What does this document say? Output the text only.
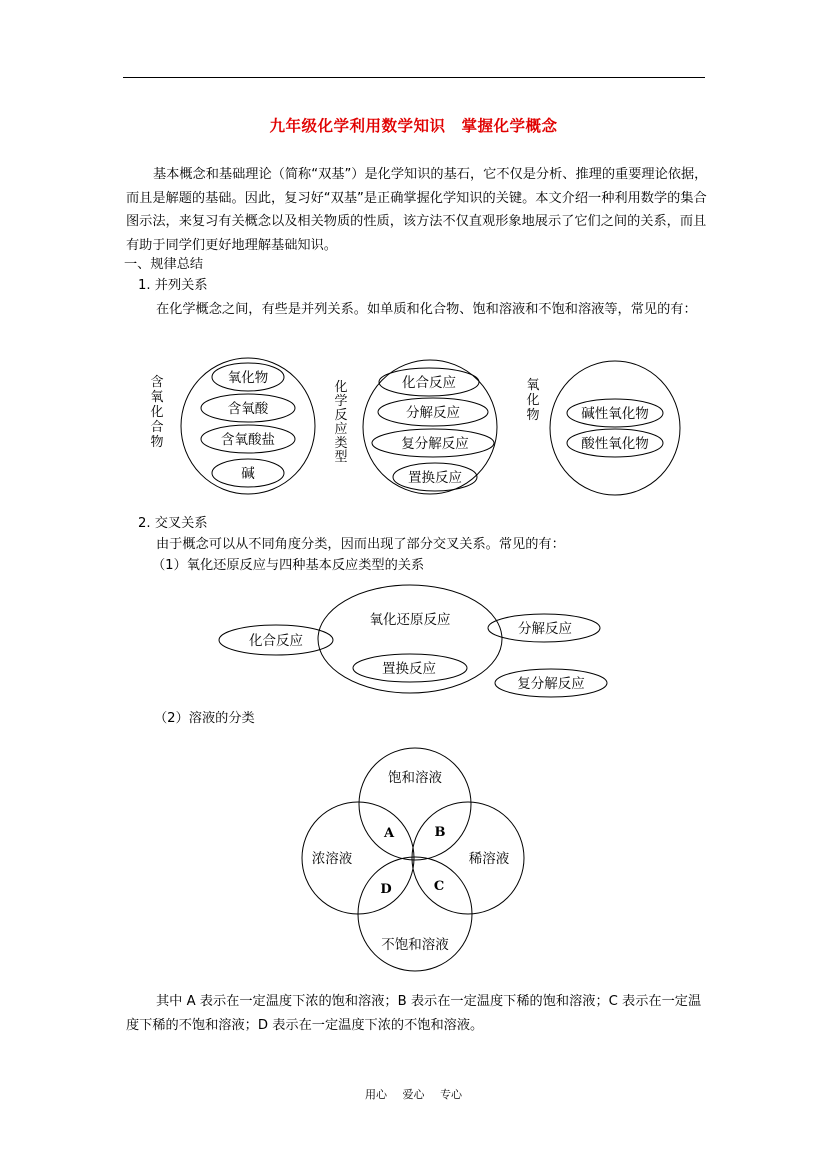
九年级化学利用数学知识　掌握化学概念
基本概念和基础理论（简称“双基”）是化学知识的基石，它不仅是分析、推理的重要理论依据，而且是解题的基础。因此，复习好“双基”是正确掌握化学知识的关键。本文介绍一种利用数学的集合图示法，来复习有关概念以及相关物质的性质，该方法不仅直观形象地展示了它们之间的关系，而且有助于同学们更好地理解基础知识。
一、规律总结
1. 并列关系
在化学概念之间，有些是并列关系。如单质和化合物、饱和溶液和不饱和溶液等，常见的有：
氧化物
含氧酸
含氧酸盐
碱
含
氧
化
合
物
化合反应
分解反应
复分解反应
置换反应
化
学
反
应
类
型
碱性氧化物
酸性氧化物
氧
化
物
2. 交叉关系
由于概念可以从不同角度分类，因而出现了部分交叉关系。常见的有：
（1）氧化还原反应与四种基本反应类型的关系
氧化还原反应
置换反应
化合反应
分解反应
复分解反应
（2）溶液的分类
饱和溶液
浓溶液	稀溶液
不饱和溶液
A	B
C
D
其中 A 表示在一定温度下浓的饱和溶液；B 表示在一定温度下稀的饱和溶液；C 表示在一定温度下稀的不饱和溶液；D 表示在一定温度下浓的不饱和溶液。
用心 爱心 专心
